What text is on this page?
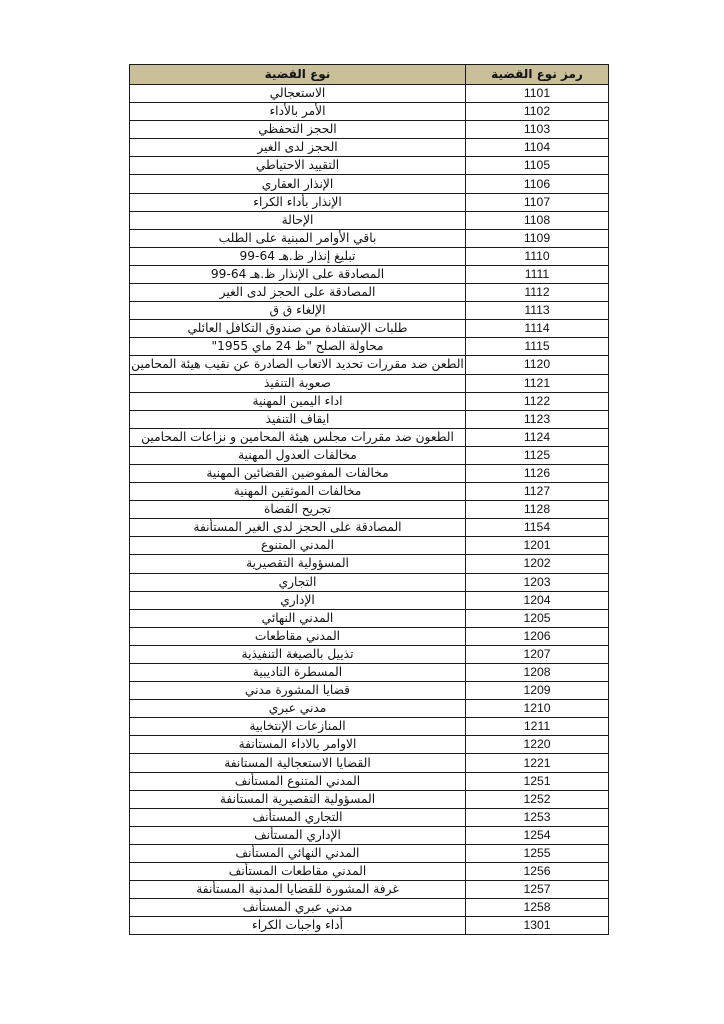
نوع القضية	رمز نوع القضية
الاستعجالي	1101
الأمر بالأداء	1102
الحجز التحفظي	1103
الحجز لدى الغير	1104
التقييد الاحتياطي	1105
الإنذار العقاري	1106
الإنذار بأداء الكراء	1107
الإحالة	1108
باقي الأوامر المبنية على الطلب	1109
تبليغ إنذار ظ.هـ 64-99	1110
المصادقة على الإنذار ظ.هـ 64-99	1111
المصادقة على الحجز لدى الغير	1112
الإلغاء ق ق	1113
طلبات الإستفادة من صندوق التكافل العائلي	1114
محاولة الصلح "ظ 24 ماي 1955"	1115
الطعن ضد مقررات تحديد الاتعاب الصادرة عن نقيب هيئة المحامين	1120
صعوبة التنفيذ	1121
اداء اليمين المهنية	1122
ايقاف التنفيذ	1123
الطعون ضد مقررات مجلس هيئة المحامين و نزاعات المحامين	1124
مخالفات العدول المهنية	1125
مخالفات المفوضين القضائين المهنية	1126
مخالفات الموثقين المهنية	1127
تجريح القضاة	1128
المصادقة على الحجز لدى الغير المستأنفة	1154
المدني المتنوع	1201
المسؤولية التقصيرية	1202
التجاري	1203
الإداري	1204
المدني النهائي	1205
المدني مقاطعات	1206
تذييل بالصيغة التنفيذية	1207
المسطرة التاديبية	1208
قضايا المشورة مدني	1209
مدني عبري	1210
المنازعات الإنتخابية	1211
الاوامر بالاداء المستانفة	1220
القضايا الاستعجالية المستانفة	1221
المدني المتنوع المستأنف	1251
المسؤولية التقصيرية المستانفة	1252
التجاري المستأنف	1253
الإداري المستأنف	1254
المدني النهائي المستأنف	1255
المدني مقاطعات المستأنف	1256
غرفة المشورة للقضايا المدنية المستأنفة	1257
مدني عبري المستأنف	1258
أداء واجبات الكراء	1301
